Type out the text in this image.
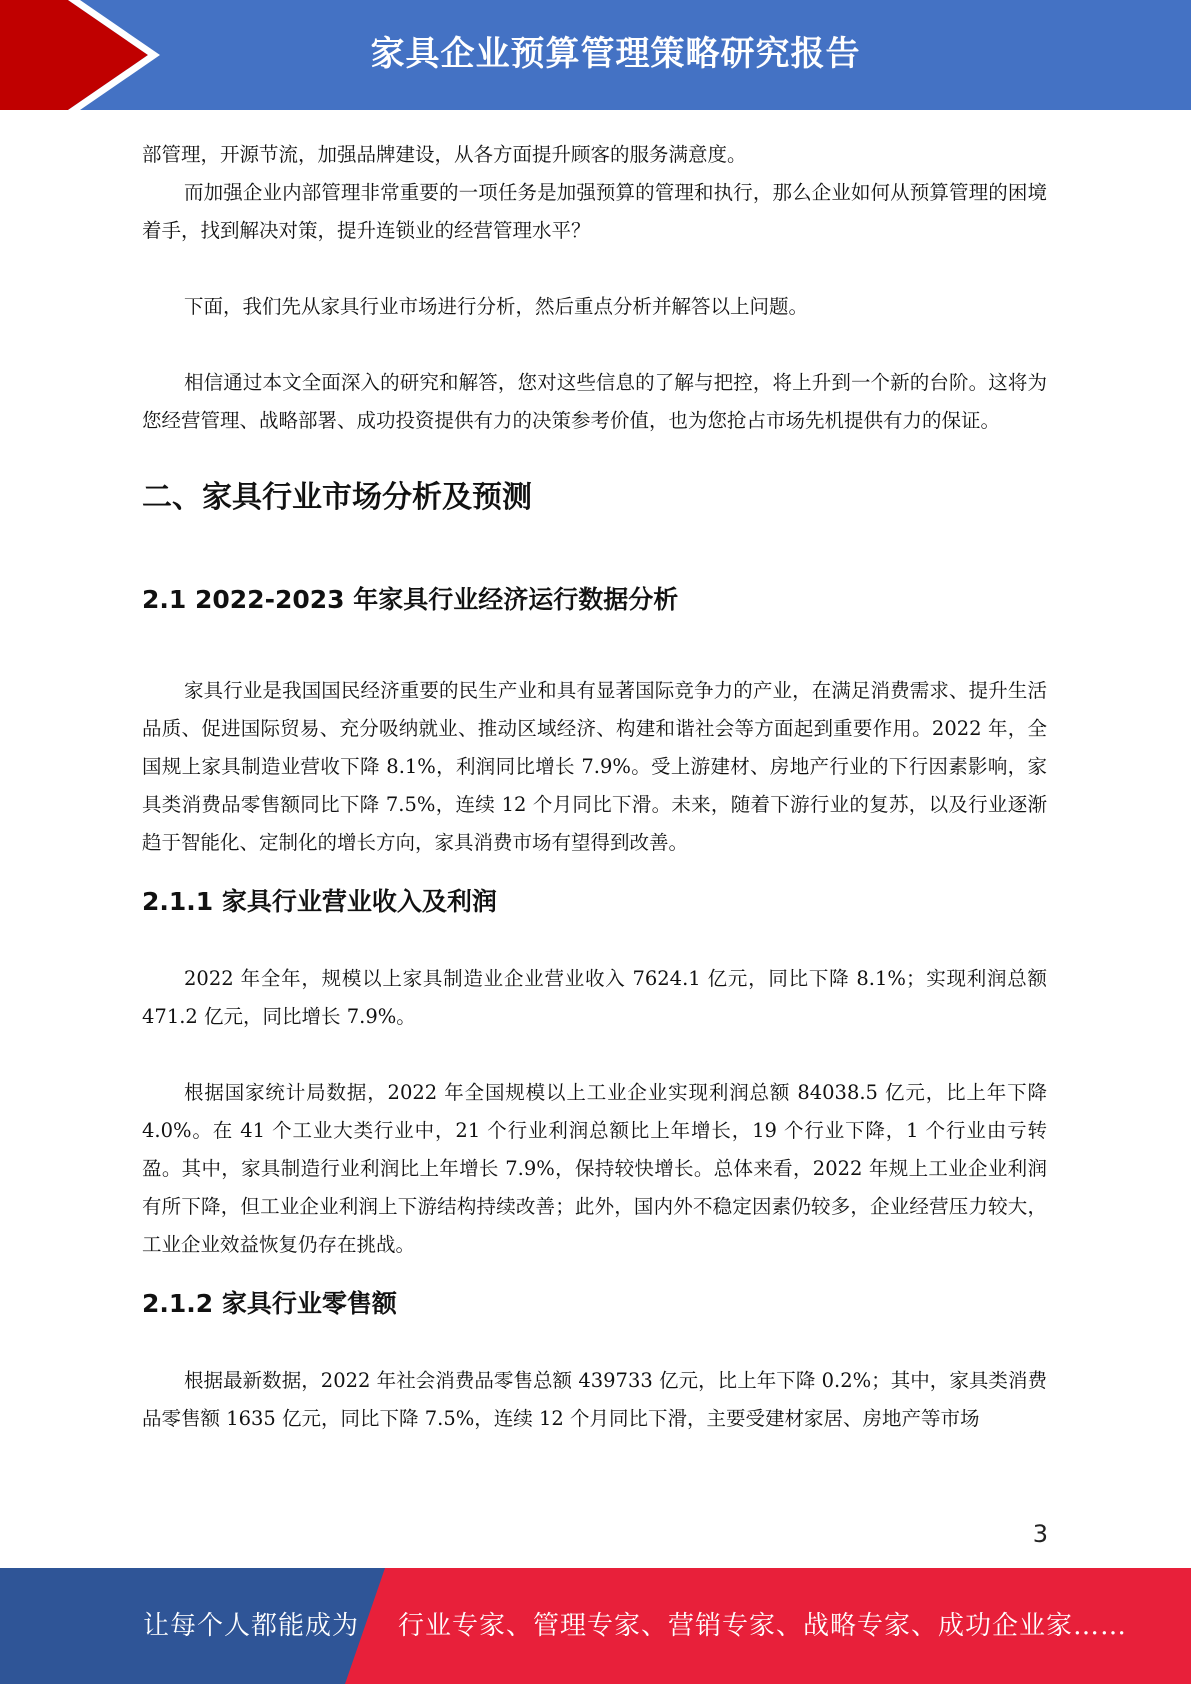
家具企业预算管理策略研究报告

部管理，开源节流，加强品牌建设，从各方面提升顾客的服务满意度。

而加强企业内部管理非常重要的一项任务是加强预算的管理和执行，那么企业如何从预算管理的困境着手，找到解决对策，提升连锁业的经营管理水平？

下面，我们先从家具行业市场进行分析，然后重点分析并解答以上问题。

相信通过本文全面深入的研究和解答，您对这些信息的了解与把控，将上升到一个新的台阶。这将为您经营管理、战略部署、成功投资提供有力的决策参考价值，也为您抢占市场先机提供有力的保证。

二、家具行业市场分析及预测
2.1 2022-2023 年家具行业经济运行数据分析

家具行业是我国国民经济重要的民生产业和具有显著国际竞争力的产业，在满足消费需求、提升生活品质、促进国际贸易、充分吸纳就业、推动区域经济、构建和谐社会等方面起到重要作用。2022 年，全国规上家具制造业营收下降 8.1%，利润同比增长 7.9%。受上游建材、房地产行业的下行因素影响，家具类消费品零售额同比下降 7.5%，连续 12 个月同比下滑。未来，随着下游行业的复苏，以及行业逐渐趋于智能化、定制化的增长方向，家具消费市场有望得到改善。

2.1.1 家具行业营业收入及利润

2022 年全年，规模以上家具制造业企业营业收入 7624.1 亿元，同比下降 8.1%；实现利润总额 471.2 亿元，同比增长 7.9%。

根据国家统计局数据，2022 年全国规模以上工业企业实现利润总额 84038.5 亿元，比上年下降 4.0%。在 41 个工业大类行业中，21 个行业利润总额比上年增长，19 个行业下降，1 个行业由亏转盈。其中，家具制造行业利润比上年增长 7.9%，保持较快增长。总体来看，2022 年规上工业企业利润有所下降，但工业企业利润上下游结构持续改善；此外，国内外不稳定因素仍较多，企业经营压力较大，工业企业效益恢复仍存在挑战。

2.1.2 家具行业零售额

根据最新数据，2022 年社会消费品零售总额 439733 亿元，比上年下降 0.2%；其中，家具类消费品零售额 1635 亿元，同比下降 7.5%，连续 12 个月同比下滑，主要受建材家居、房地产等市场

3
让每个人都能成为 行业专家、管理专家、营销专家、战略专家、成功企业家……
